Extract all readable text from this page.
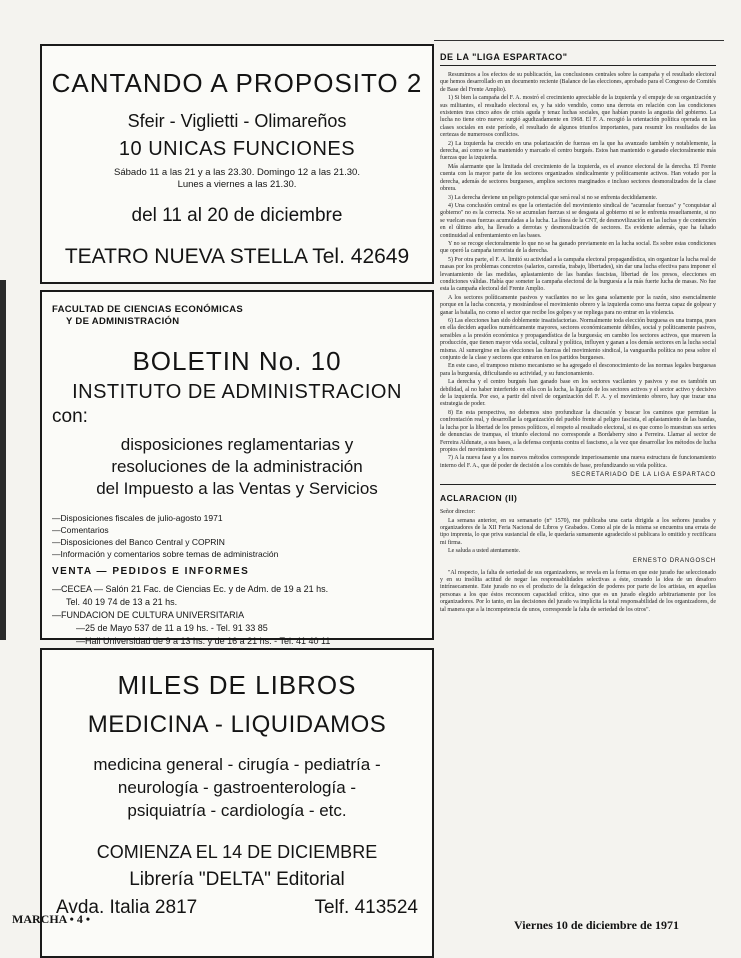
CANTANDO A PROPOSITO 2
Sfeir - Viglietti - Olimareños
10 UNICAS FUNCIONES
Sábado 11 a las 21 y a las 23.30. Domingo 12 a las 21.30.
Lunes a viernes a las 21.30.
del 11 al 20 de diciembre
TEATRO NUEVA STELLA Tel. 42649
FACULTAD DE CIENCIAS ECONÓMICAS
Y DE ADMINISTRACIÓN
BOLETIN No. 10
INSTITUTO DE ADMINISTRACION
con:
disposiciones reglamentarias y
resoluciones de la administración
del Impuesto a las Ventas y Servicios
—Disposiciones fiscales de julio-agosto 1971
—Comentarios
—Disposiciones del Banco Central y COPRIN
—Información y comentarios sobre temas de administración
VENTA — PEDIDOS E INFORMES
—CECEA — Salón 21 Fac. de Ciencias Ec. y de Adm. de 19 a 21 hs.
Tel. 40 19 74 de 13 a 21 hs.
—FUNDACION DE CULTURA UNIVERSITARIA
—25 de Mayo 537 de 11 a 19 hs. - Tel. 91 33 85
—Hall Universidad de 9 a 13 hs. y de 16 a 21 hs. - Tel. 41 40 11
MILES DE LIBROS
MEDICINA - LIQUIDAMOS
medicina general - cirugía - pediatría -
neurología - gastroenterología -
psiquiatría - cardiología - etc.
COMIENZA EL 14 DE DICIEMBRE
Librería "DELTA" Editorial
Avda. Italia 2817	Telf. 413524
MARCHA • 4 •
DE LA "LIGA ESPARTACO"

Resumimos a los efectos de su publicación, las conclusiones centrales sobre la campaña y el resultado electoral que hemos desarrollado en un documento reciente (Balance de las elecciones, aprobado para el Congreso de Comités de Base del Frente Amplio).

1) Si bien la campaña del F. A. mostró el crecimiento apreciable de la izquierda y el empuje de su organización y sus militantes, el resultado electoral es, y ha sido vendido, como una derrota en relación con las condiciones existentes tras cinco años de crisis aguda y tenaz luchas sociales, que habían puesto la angustia del gobierno. La lucha no tiene otro nuevo: surgió agudizadamente en 1968. El F. A. recogió la orientación política operada en las clases sociales en este período, el resultado de algunos triunfos importantes, para resumir los resultados de las certezas de numerosos conflictos.

2) La izquierda ha crecido en una polarización de fuerzas en la que ha avanzado también y notablemente, la derecha, así como se ha mantenido y marcado el centro burgués. Estos han mantenido o ganado electoralmente más fuerzas que la izquierda.

Más alarmante que la limitada del crecimiento de la izquierda, es el avance electoral de la derecha. El Frente cuenta con la mayor parte de los sectores organizados sindicalmente y políticamente activos. Han votado por la derecha, además de sectores burgueses, amplios sectores marginados e incluso sectores desmoralizados de la clase obrera.

3) La derecha deviene un peligro potencial que será real si no se enfrenta decididamente.

4) Una conclusión central es que la orientación del movimiento sindical de "acumular fuerzas" y "conquistar al gobierno" no es la correcta. No se acumulan fuerzas si se desgasta al gobierno ni se le enfrenta resueltamente, si no se vuelcan esas fuerzas acumuladas a la lucha. La línea de la CNT, de desmovilización en las luchas y de contención en el último año, ha llevado a derrotas y desmoralización de sectores. Es evidente además, que ha faltado continuidad al enfrentamiento en las bases.

Y no se recoge electoralmente lo que no se ha ganado previamente en la lucha social. Es sobre estas condiciones que operó la campaña terrorista de la derecha.

5) Por otra parte, el F. A. limitó su actividad a la campaña electoral propagandística, sin organizar la lucha real de masas por los problemas concretos (salarios, carestía, trabajo, libertades), sin dar una lucha efectiva para imponer el levantamiento de las medidas, aplastamiento de las bandas fascistas, libertad de los presos, elecciones en condiciones válidas. Había que someter la campaña electoral de la burguesía a la más fuerte lucha de masas. No fue esta la campaña electoral del Frente Amplio.

A los sectores políticamente pasivos y vacilantes no se les gana solamente por la razón, sino esencialmente porque en la lucha concreta, y mostrándose el movimiento obrero y la izquierda como una fuerza capaz de golpear y ganar la batalla, no como el sector que recibe los golpes y se repliega para no entrar en la violencia.

6) Las elecciones han sido doblemente insatisfactorias. Normalmente toda elección burguesa es una trampa, pues en ella deciden aquellos numéricamente mayores, sectores económicamente débiles, social y políticamente pasivos, sensibles a la presión económica y propagandística de la burguesía; en cambio los sectores activos, que mueven la producción, que tienen mayor vida social, cultural y política, influyen y ganan a los demás sectores en la lucha social misma. Al sumergirse en las elecciones las fuerzas del movimiento sindical, la vanguardia política no pesa sobre el conjunto de la clase y sectores que entraron en los partidos burgueses.

En este caso, el tramposo mismo mecanismo se ha agregado el desconocimiento de las normas legales burguesas para la burguesía, dificultando su actividad, y su funcionamiento.

La derecha y el centro burgués han ganado base en los sectores vacilantes y pasivos y ese es también un debilidad, al no haber interferido en ella con la lucha, la ligazón de los sectores activos y el sector activo y decisivo de la izquierda. Por eso, a partir del nivel de organización del F. A. y el movimiento obrero, hay que trazar una estrategia de poder.

8) En esta perspectiva, no debemos sino profundizar la discusión y buscar los caminos que permitan la confrontación real, y desarrollar la organización del pueblo frente al peligro fascista, el aplastamiento de las bandas, la lucha por la libertad de los presos políticos, el respeto al resultado electoral, si es que como lo muestran sus series de denuncias de trampas, el triunfo electoral no corresponde a Bordaberry sino a Ferreira. Llamar al sector de Ferreira Aldunate, a sus bases, a la defensa conjunta contra el fascismo, a la vez que desarrollar los métodos de lucha propios del movimiento obrero.

7) A la nueva fase y a los nuevos métodos corresponde imperiosamente una nueva estructura de funcionamiento interno del F. A., que dé poder de decisión a los comités de base, profundizando su vida política.

SECRETARIADO DE LA LIGA ESPARTACO
ACLARACION (II)

Señor director:

La semana anterior, en su semanario (n° 1570), me publicaba una carta dirigida a los señores jurados y organizadores de la XII Feria Nacional de Libros y Grabados. Como al pie de la misma se encuentra una errata de tipo imprenta, lo que priva sustancial de ella, le quedaría sumamente agradecido si publicara lo omitido y rectificara mi firma.

Le saluda a usted atentamente.

ERNESTO DRANGOSCH

"Al respecto, la falta de seriedad de sus organizadores, se revela en la forma en que este jurado fue seleccionado y en su insólita actitud de negar las responsabilidades selectivas a éste, creando la idea de un desaforo intrínsecamente. Este jurado no es el producto de la delegación de poderes por parte de los artistas, en aquellas personas a los que éstos reconocen capacidad crítica, sino que es un jurado elegido arbitrariamente por los organizadores. Por lo tanto, en las decisiones del jurado va implícita la total responsabilidad de los organizadores, de tal manera que a la incompetencia de unos, corresponde la falta de seriedad de los otros".

Viernes 10 de diciembre de 1971
